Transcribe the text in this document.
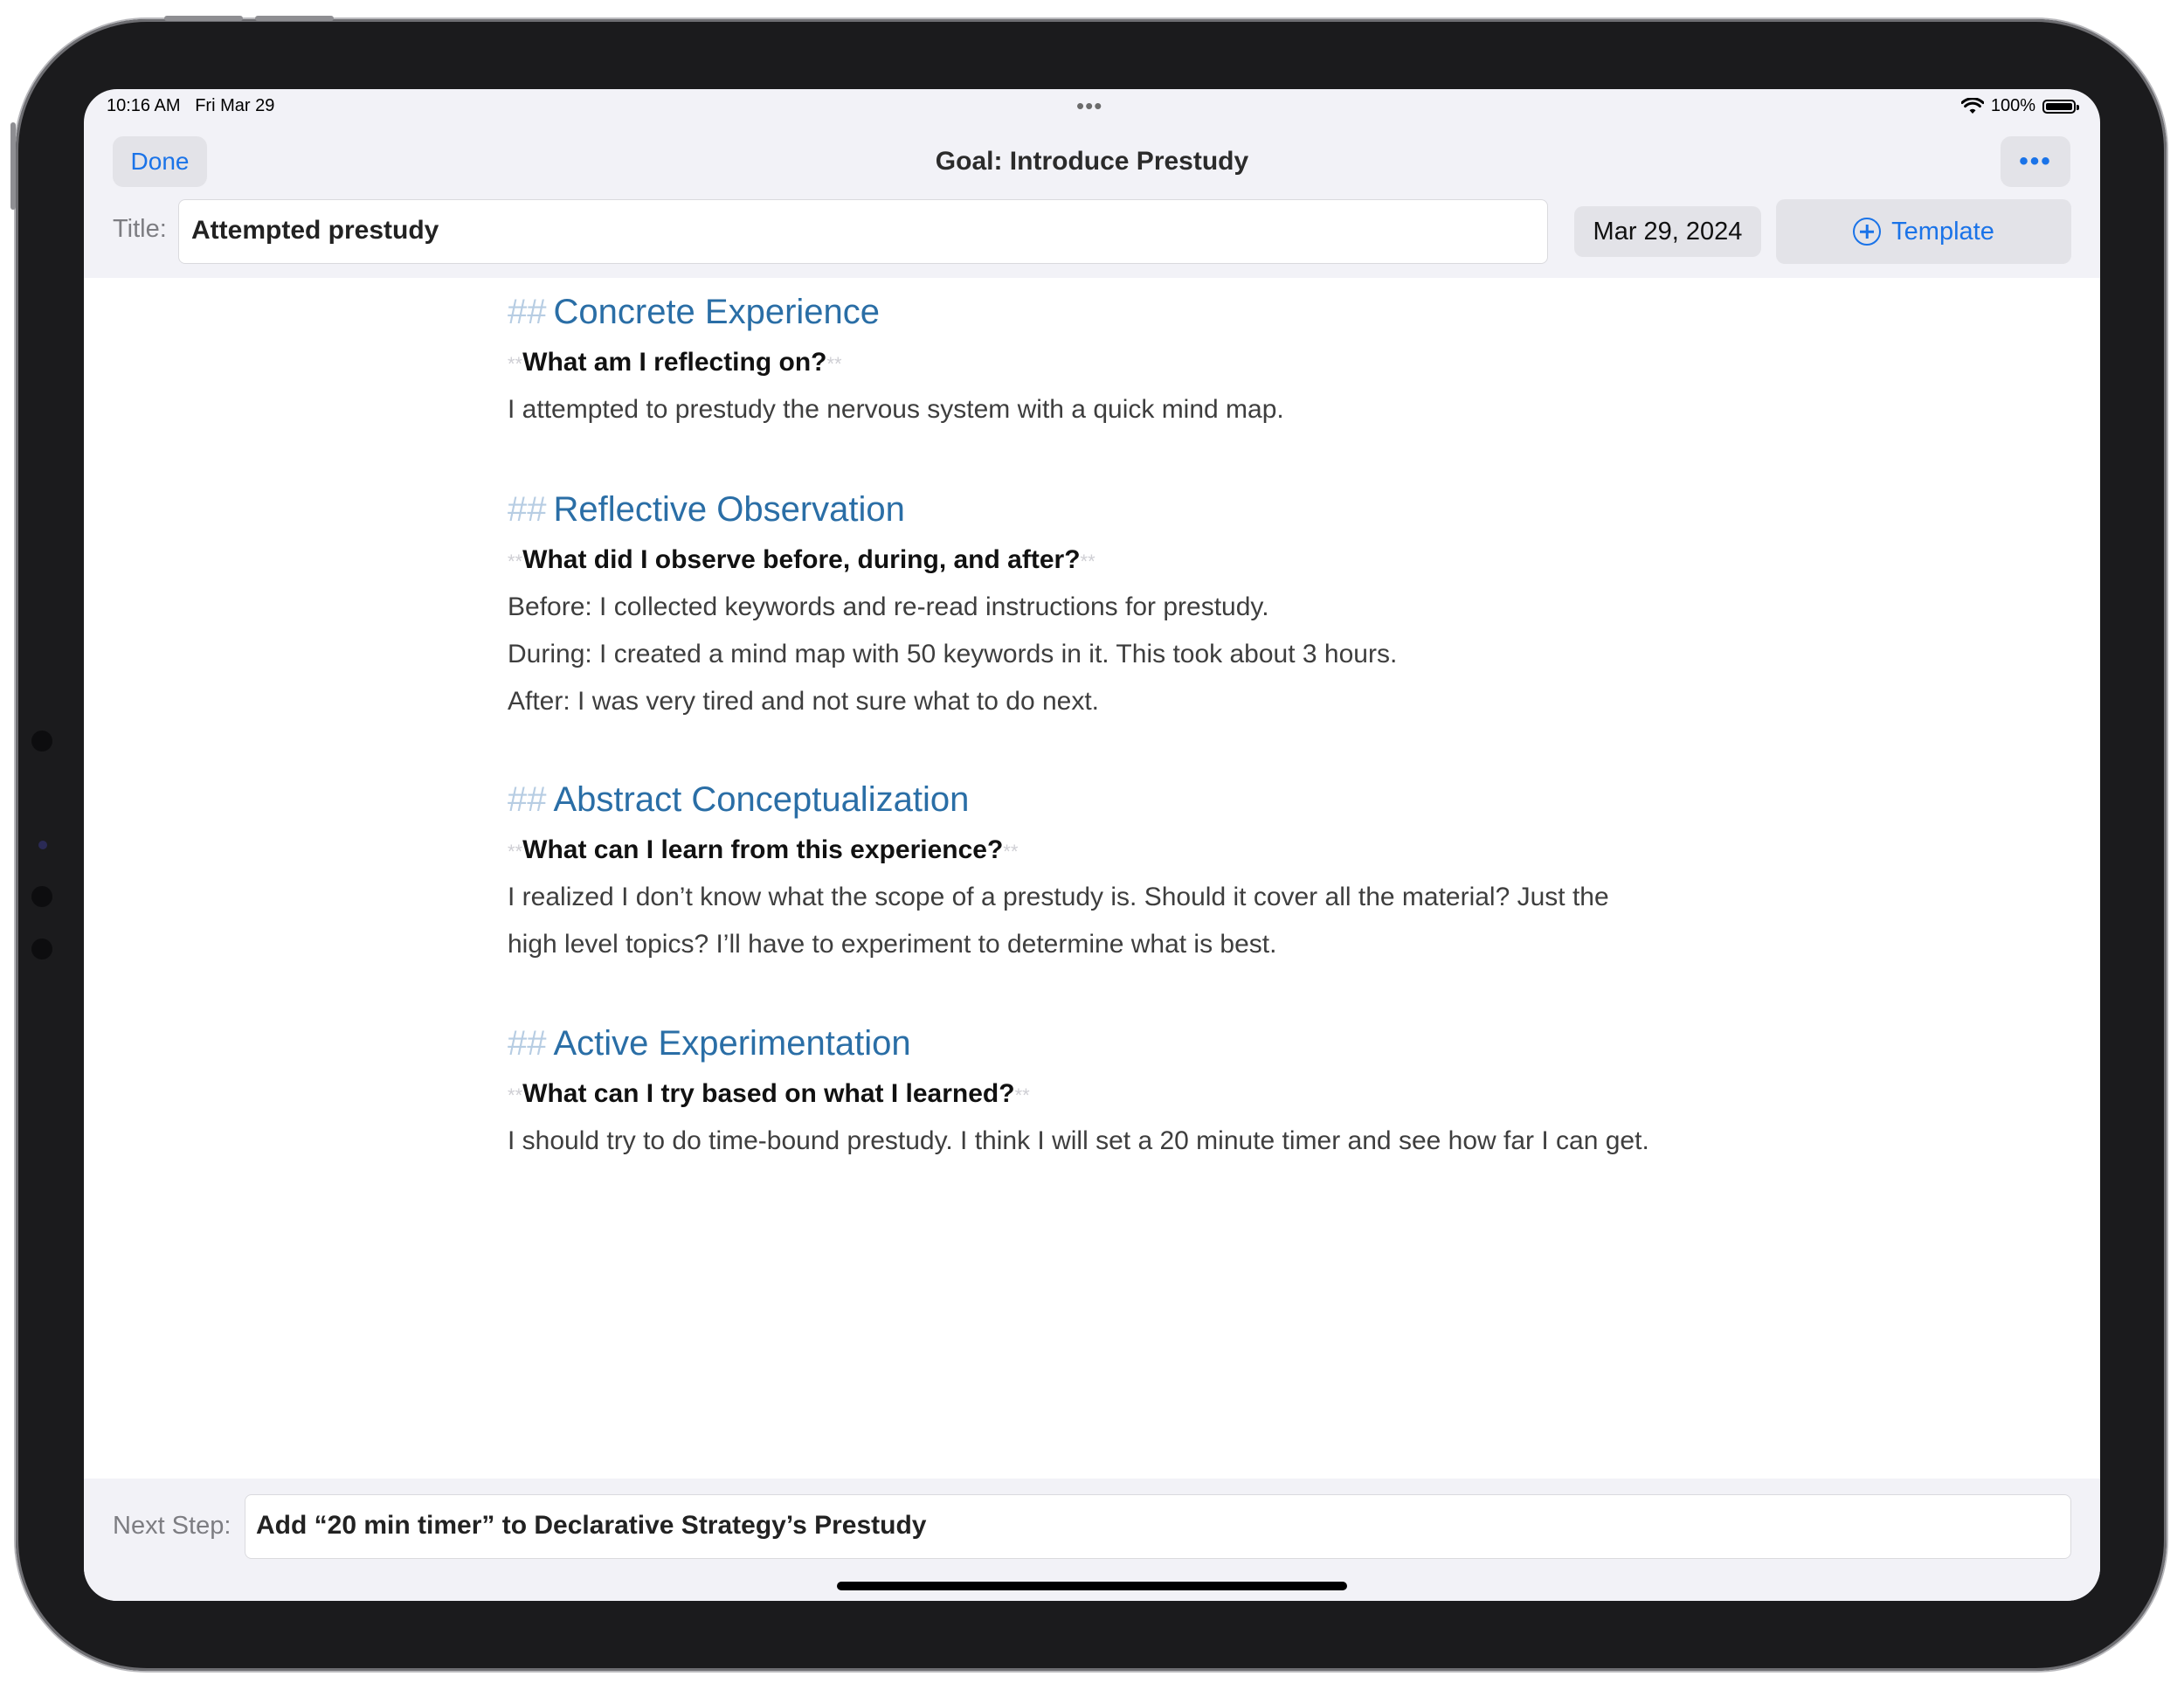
10:16 AM Fri Mar 29	•••	100%
Goal: Introduce Prestudy
Done	•••
Title: Attempted prestudy	Mar 29, 2024	Template
## Concrete Experience
**What am I reflecting on?**
I attempted to prestudy the nervous system with a quick mind map.
## Reflective Observation
**What did I observe before, during, and after?**
Before: I collected keywords and re-read instructions for prestudy.
During: I created a mind map with 50 keywords in it. This took about 3 hours.
After: I was very tired and not sure what to do next.
## Abstract Conceptualization
**What can I learn from this experience?**
I realized I don’t know what the scope of a prestudy is. Should it cover all the material? Just the
high level topics? I’ll have to experiment to determine what is best.
## Active Experimentation
**What can I try based on what I learned?**
I should try to do time-bound prestudy. I think I will set a 20 minute timer and see how far I can get.
Next Step: Add “20 min timer” to Declarative Strategy’s Prestudy
